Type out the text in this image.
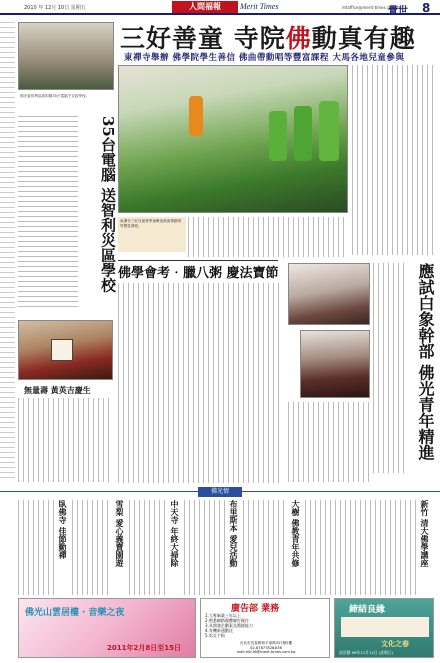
2010 年 12月 10日 星期五	人間福報	Merit Times	mtoffice@merit-times.com.tw
覺世 8
三好善童 寺院佛動真有趣
東禪寺舉辦 佛學院學生善信 佛曲帶動唱等豐富課程 大馬各地兒童參與
佛光會智利協會捐贈35台電腦予災區學校。
35台電腦 送智利災區學校 東禪寺三好兒童營學童參加佛曲帶動唱等豐富課程。
佛學會考‧臘八粥 慶法寶節	應試白象幹部 佛光青年精進
無量壽 黃英吉慶生
佛光情
新竹 清大佛學講座
大樹 佛教青年共修
布里斯本 愛兒活動
中天寺 年終大掃除
雪梨 愛心義賣園遊
臥佛寺 佳節勤禪
佛光山雲居樓 ‧ 音樂之夜
2011年2月8日至15日
廣告部 業務
1.大專畢業三年以上
2.熟悉網路媒體廣告操作
3.具開發企劃案及簡報能力
4.有機車通勤佳
5.男女不拘
台北市長春路和平東路327號5樓
02-87877828#36
mail:mtr16@merit-times.com.tw
締結良緣
文化之春
前洽藝 99年12月12日 (星期日)
